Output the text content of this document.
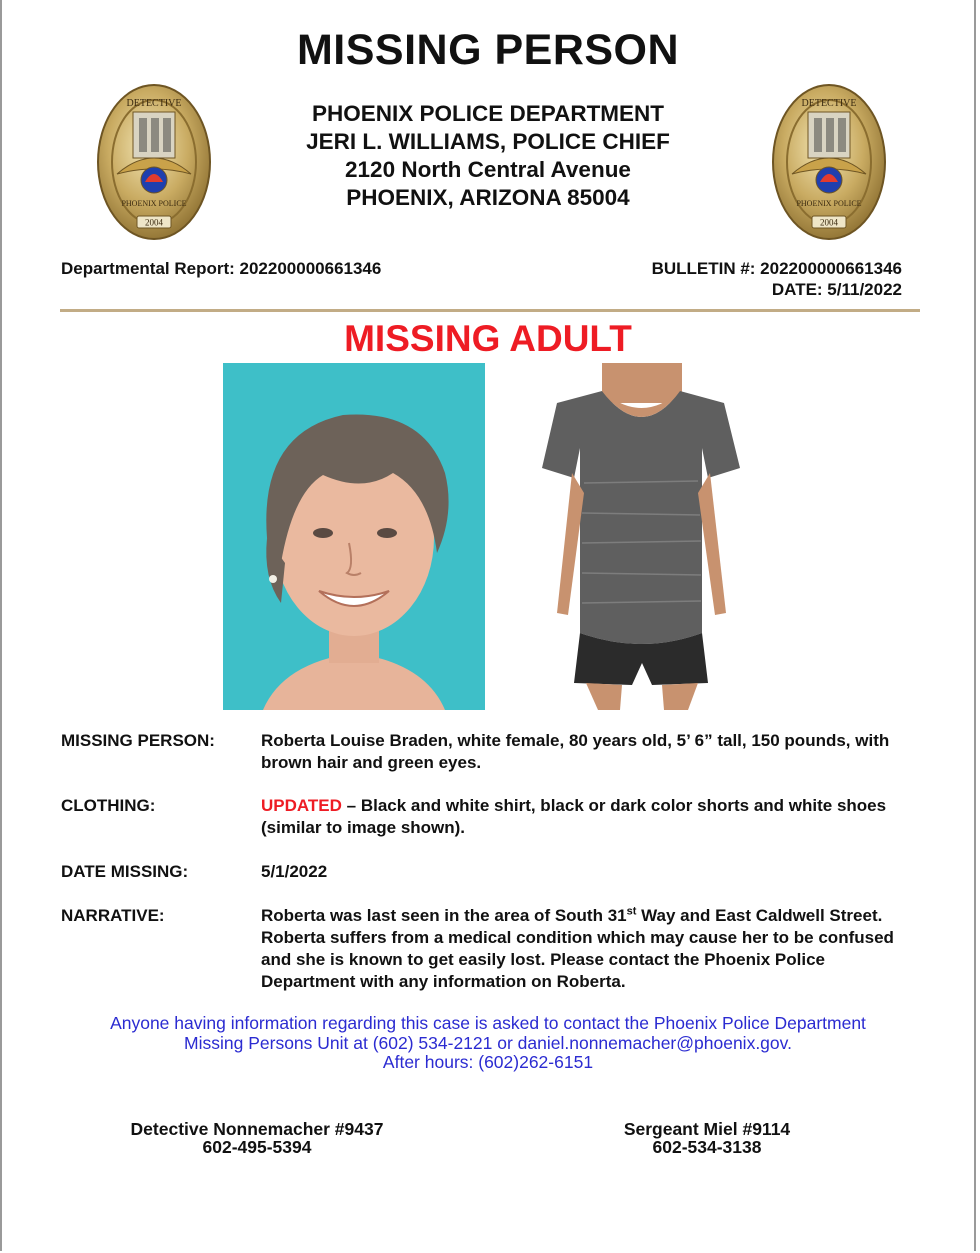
MISSING PERSON
2004
DETECTIVE
PHOENIX POLICE
PHOENIX POLICE DEPARTMENT
JERI L. WILLIAMS, POLICE CHIEF
2120 North Central Avenue
PHOENIX, ARIZONA 85004
2004
DETECTIVE
PHOENIX POLICE
Departmental Report: 202200000661346	BULLETIN #: 202200000661346
DATE: 5/11/2022
MISSING ADULT
MISSING PERSON:	Roberta Louise Braden, white female, 80 years old, 5’ 6” tall, 150 pounds, with brown hair and green eyes.
CLOTHING:	UPDATED – Black and white shirt, black or dark color shorts and white shoes (similar to image shown).
DATE MISSING:	5/1/2022
NARRATIVE:	Roberta was last seen in the area of South 31st Way and East Caldwell Street. Roberta suffers from a medical condition which may cause her to be confused and she is known to get easily lost. Please contact the Phoenix Police Department with any information on Roberta.
Anyone having information regarding this case is asked to contact the Phoenix Police Department
Missing Persons Unit at (602) 534-2121 or daniel.nonnemacher@phoenix.gov.
After hours: (602)262-6151
Detective Nonnemacher #9437
602-495-5394
Sergeant Miel #9114
602-534-3138
